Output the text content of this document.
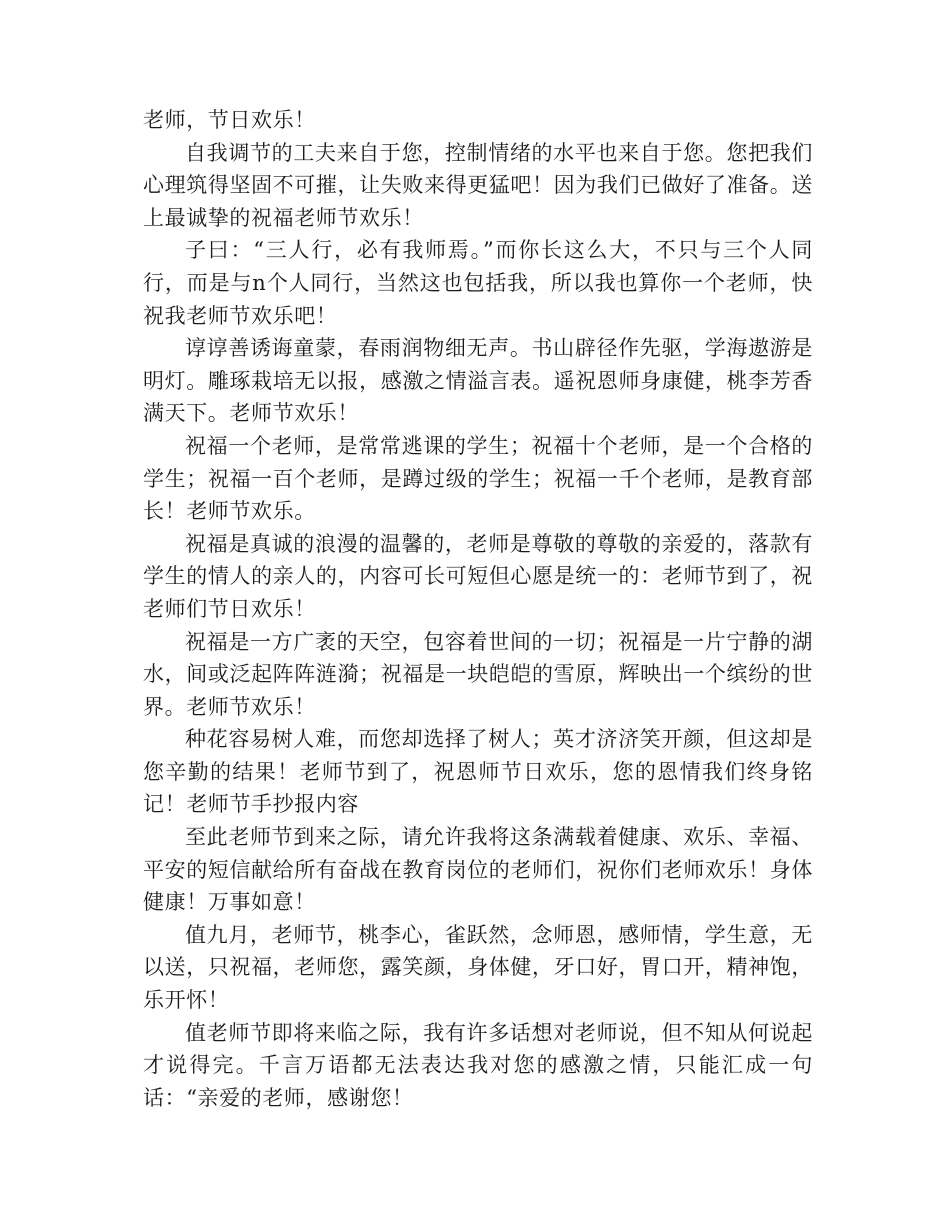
老师，节日欢乐！

自我调节的工夫来自于您，控制情绪的水平也来自于您。您把我们心理筑得坚固不可摧，让失败来得更猛吧！因为我们已做好了准备。送上最诚挚的祝福老师节欢乐！

子曰：“三人行，必有我师焉。”而你长这么大，不只与三个人同行，而是与n个人同行，当然这也包括我，所以我也算你一个老师，快祝我老师节欢乐吧！

谆谆善诱诲童蒙，春雨润物细无声。书山辟径作先驱，学海遨游是明灯。雕琢栽培无以报，感激之情溢言表。遥祝恩师身康健，桃李芳香满天下。老师节欢乐！

祝福一个老师，是常常逃课的学生；祝福十个老师，是一个合格的学生；祝福一百个老师，是蹲过级的学生；祝福一千个老师，是教育部长！老师节欢乐。

祝福是真诚的浪漫的温馨的，老师是尊敬的尊敬的亲爱的，落款有学生的情人的亲人的，内容可长可短但心愿是统一的：老师节到了，祝老师们节日欢乐！

祝福是一方广袤的天空，包容着世间的一切；祝福是一片宁静的湖水，间或泛起阵阵涟漪；祝福是一块皑皑的雪原，辉映出一个缤纷的世界。老师节欢乐！

种花容易树人难，而您却选择了树人；英才济济笑开颜，但这却是您辛勤的结果！老师节到了，祝恩师节日欢乐，您的恩情我们终身铭记！老师节手抄报内容

至此老师节到来之际，请允许我将这条满载着健康、欢乐、幸福、平安的短信献给所有奋战在教育岗位的老师们，祝你们老师欢乐！身体健康！万事如意！

值九月，老师节，桃李心，雀跃然，念师恩，感师情，学生意，无以送，只祝福，老师您，露笑颜，身体健，牙口好，胃口开，精神饱，乐开怀！

值老师节即将来临之际，我有许多话想对老师说，但不知从何说起才说得完。千言万语都无法表达我对您的感激之情，只能汇成一句话：“亲爱的老师，感谢您！
